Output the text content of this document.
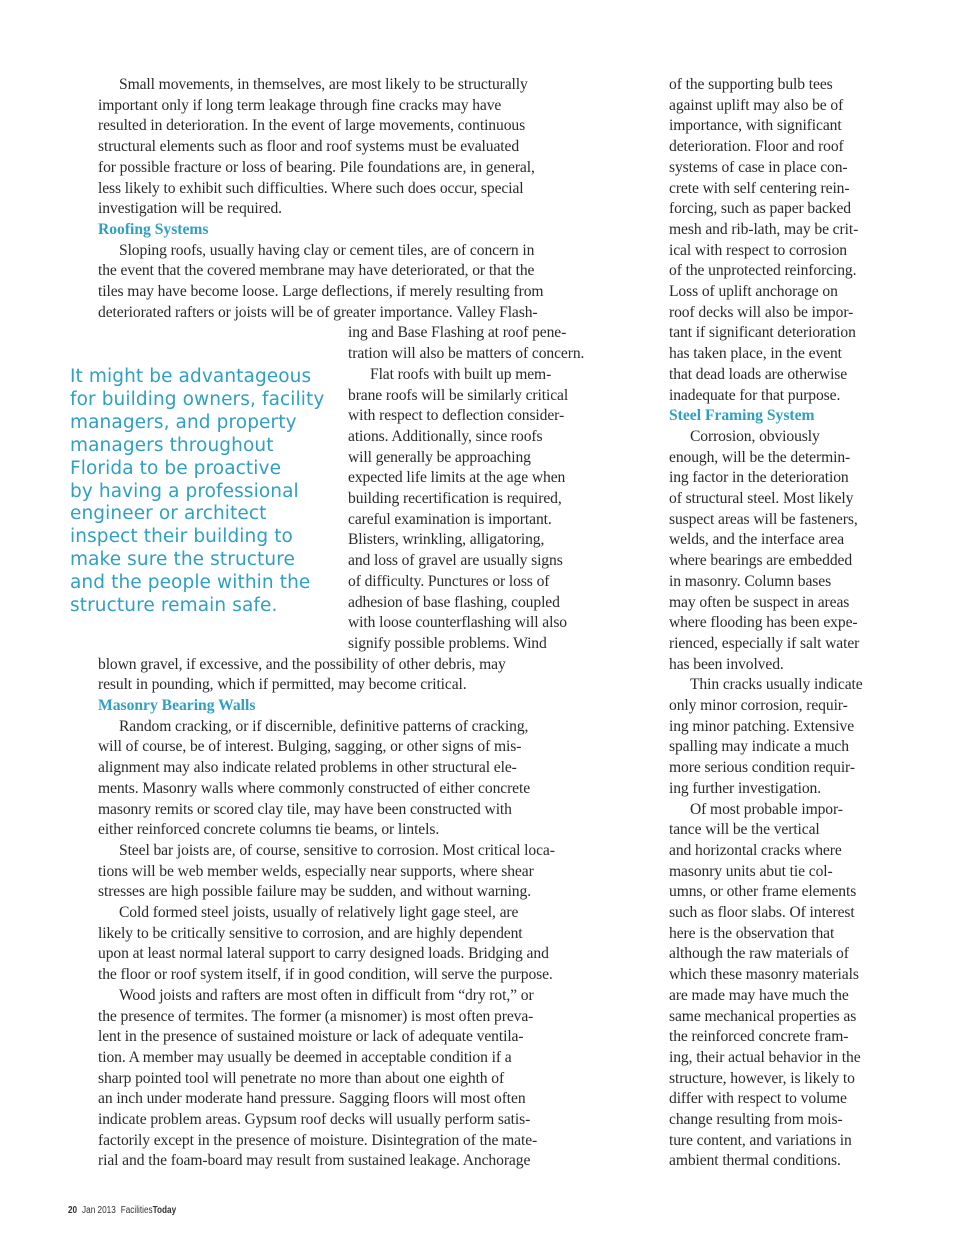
Small movements, in themselves, are most likely to be structurally
important only if long term leakage through fine cracks may have
resulted in deterioration. In the event of large movements, continuous
structural elements such as floor and roof systems must be evaluated
for possible fracture or loss of bearing. Pile foundations are, in general,
less likely to exhibit such difficulties. Where such does occur, special
investigation will be required.
Roofing Systems
Sloping roofs, usually having clay or cement tiles, are of concern in
the event that the covered membrane may have deteriorated, or that the
tiles may have become loose. Large deflections, if merely resulting from
deteriorated rafters or joists will be of greater importance. Valley Flash-
blown gravel, if excessive, and the possibility of other debris, may
result in pounding, which if permitted, may become critical.
Masonry Bearing Walls
Random cracking, or if discernible, definitive patterns of cracking,
will of course, be of interest. Bulging, sagging, or other signs of mis-
alignment may also indicate related problems in other structural ele-
ments. Masonry walls where commonly constructed of either concrete
masonry remits or scored clay tile, may have been constructed with
either reinforced concrete columns tie beams, or lintels.
Steel bar joists are, of course, sensitive to corrosion. Most critical loca-
tions will be web member welds, especially near supports, where shear
stresses are high possible failure may be sudden, and without warning.
Cold formed steel joists, usually of relatively light gage steel, are
likely to be critically sensitive to corrosion, and are highly dependent
upon at least normal lateral support to carry designed loads. Bridging and
the floor or roof system itself, if in good condition, will serve the purpose.
Wood joists and rafters are most often in difficult from “dry rot,” or
the presence of termites. The former (a misnomer) is most often preva-
lent in the presence of sustained moisture or lack of adequate ventila-
tion. A member may usually be deemed in acceptable condition if a
sharp pointed tool will penetrate no more than about one eighth of
an inch under moderate hand pressure. Sagging floors will most often
indicate problem areas. Gypsum roof decks will usually perform satis-
factorily except in the presence of moisture. Disintegration of the mate-
rial and the foam-board may result from sustained leakage. Anchorage
It might be advantageous
for building owners, facility
managers, and property
managers throughout
Florida to be proactive
by having a professional
engineer or architect
inspect their building to
make sure the structure
and the people within the
structure remain safe.
ing and Base Flashing at roof pene-
tration will also be matters of concern.
Flat roofs with built up mem-
brane roofs will be similarly critical
with respect to deflection consider-
ations. Additionally, since roofs
will generally be approaching
expected life limits at the age when
building recertification is required,
careful examination is important.
Blisters, wrinkling, alligatoring,
and loss of gravel are usually signs
of difficulty. Punctures or loss of
adhesion of base flashing, coupled
with loose counterflashing will also
signify possible problems. Wind
of the supporting bulb tees
against uplift may also be of
importance, with significant
deterioration. Floor and roof
systems of case in place con-
crete with self centering rein-
forcing, such as paper backed
mesh and rib-lath, may be crit-
ical with respect to corrosion
of the unprotected reinforcing.
Loss of uplift anchorage on
roof decks will also be impor-
tant if significant deterioration
has taken place, in the event
that dead loads are otherwise
inadequate for that purpose.
Steel Framing System
Corrosion, obviously
enough, will be the determin-
ing factor in the deterioration
of structural steel. Most likely
suspect areas will be fasteners,
welds, and the interface area
where bearings are embedded
in masonry. Column bases
may often be suspect in areas
where flooding has been expe-
rienced, especially if salt water
has been involved.
Thin cracks usually indicate
only minor corrosion, requir-
ing minor patching. Extensive
spalling may indicate a much
more serious condition requir-
ing further investigation.
Of most probable impor-
tance will be the vertical
and horizontal cracks where
masonry units abut tie col-
umns, or other frame elements
such as floor slabs. Of interest
here is the observation that
although the raw materials of
which these masonry materials
are made may have much the
same mechanical properties as
the reinforced concrete fram-
ing, their actual behavior in the
structure, however, is likely to
differ with respect to volume
change resulting from mois-
ture content, and variations in
ambient thermal conditions.
20 Jan 2013 FacilitiesToday
